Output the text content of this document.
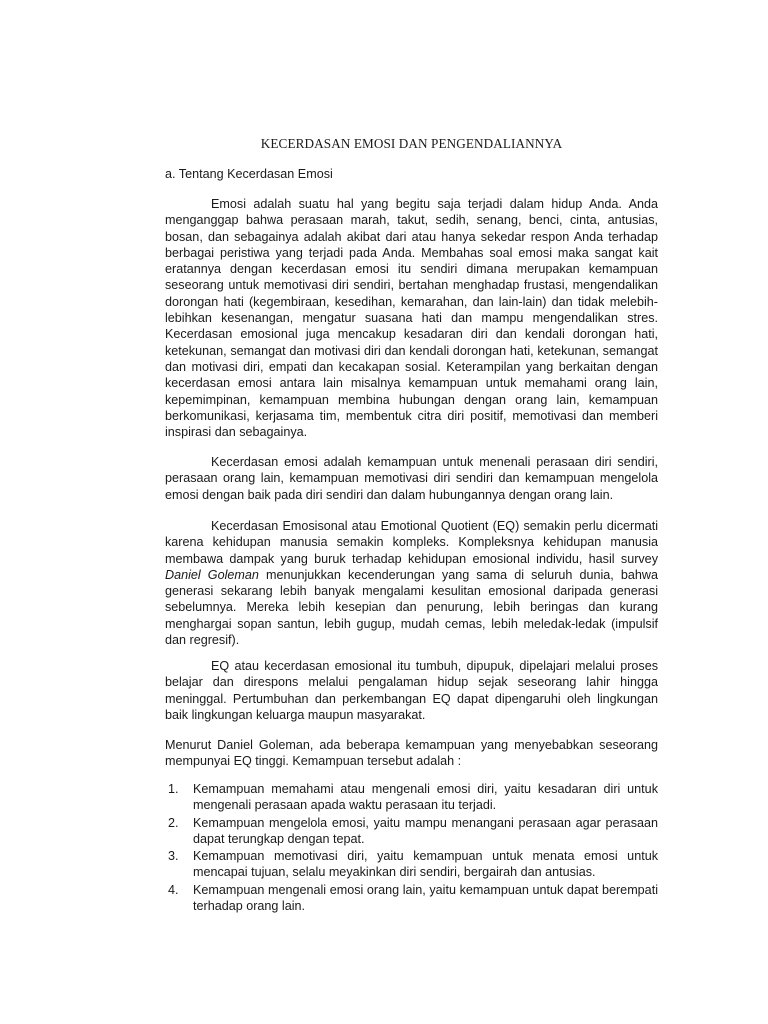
KECERDASAN EMOSI DAN PENGENDALIANNYA
a. Tentang Kecerdasan Emosi

Emosi adalah suatu hal yang begitu saja terjadi dalam hidup Anda. Anda menganggap bahwa perasaan marah, takut, sedih, senang, benci, cinta, antusias, bosan, dan sebagainya adalah akibat dari atau hanya sekedar respon Anda terhadap berbagai peristiwa yang terjadi pada Anda. Membahas soal emosi maka sangat kait eratannya dengan kecerdasan emosi itu sendiri dimana merupakan kemampuan seseorang untuk memotivasi diri sendiri, bertahan menghadap frustasi, mengendalikan dorongan hati (kegembiraan, kesedihan, kemarahan, dan lain-lain) dan tidak melebih-lebihkan kesenangan, mengatur suasana hati dan mampu mengendalikan stres. Kecerdasan emosional juga mencakup kesadaran diri dan kendali dorongan hati, ketekunan, semangat dan motivasi diri dan kendali dorongan hati, ketekunan, semangat dan motivasi diri, empati dan kecakapan sosial. Keterampilan yang berkaitan dengan kecerdasan emosi antara lain misalnya kemampuan untuk memahami orang lain, kepemimpinan, kemampuan membina hubungan dengan orang lain, kemampuan berkomunikasi, kerjasama tim, membentuk citra diri positif, memotivasi dan memberi inspirasi dan sebagainya.

Kecerdasan emosi adalah kemampuan untuk menenali perasaan diri sendiri, perasaan orang lain, kemampuan memotivasi diri sendiri dan kemampuan mengelola emosi dengan baik pada diri sendiri dan dalam hubungannya dengan orang lain.

Kecerdasan Emosisonal atau Emotional Quotient (EQ) semakin perlu dicermati karena kehidupan manusia semakin kompleks. Kompleksnya kehidupan manusia membawa dampak yang buruk terhadap kehidupan emosional individu, hasil survey Daniel Goleman menunjukkan kecenderungan yang sama di seluruh dunia, bahwa generasi sekarang lebih banyak mengalami kesulitan emosional daripada generasi sebelumnya. Mereka lebih kesepian dan penurung, lebih beringas dan kurang menghargai sopan santun, lebih gugup, mudah cemas, lebih meledak-ledak (impulsif dan regresif).

EQ atau kecerdasan emosional itu tumbuh, dipupuk, dipelajari melalui proses belajar dan direspons melalui pengalaman hidup sejak seseorang lahir hingga meninggal. Pertumbuhan dan perkembangan EQ dapat dipengaruhi oleh lingkungan baik lingkungan keluarga maupun masyarakat.

Menurut Daniel Goleman, ada beberapa kemampuan yang menyebabkan seseorang mempunyai EQ tinggi. Kemampuan tersebut adalah :

1. Kemampuan memahami atau mengenali emosi diri, yaitu kesadaran diri untuk mengenali perasaan apada waktu perasaan itu terjadi.
2. Kemampuan mengelola emosi, yaitu mampu menangani perasaan agar perasaan dapat terungkap dengan tepat.
3. Kemampuan memotivasi diri, yaitu kemampuan untuk menata emosi untuk mencapai tujuan, selalu meyakinkan diri sendiri, bergairah dan antusias.
4. Kemampuan mengenali emosi orang lain, yaitu kemampuan untuk dapat berempati terhadap orang lain.
